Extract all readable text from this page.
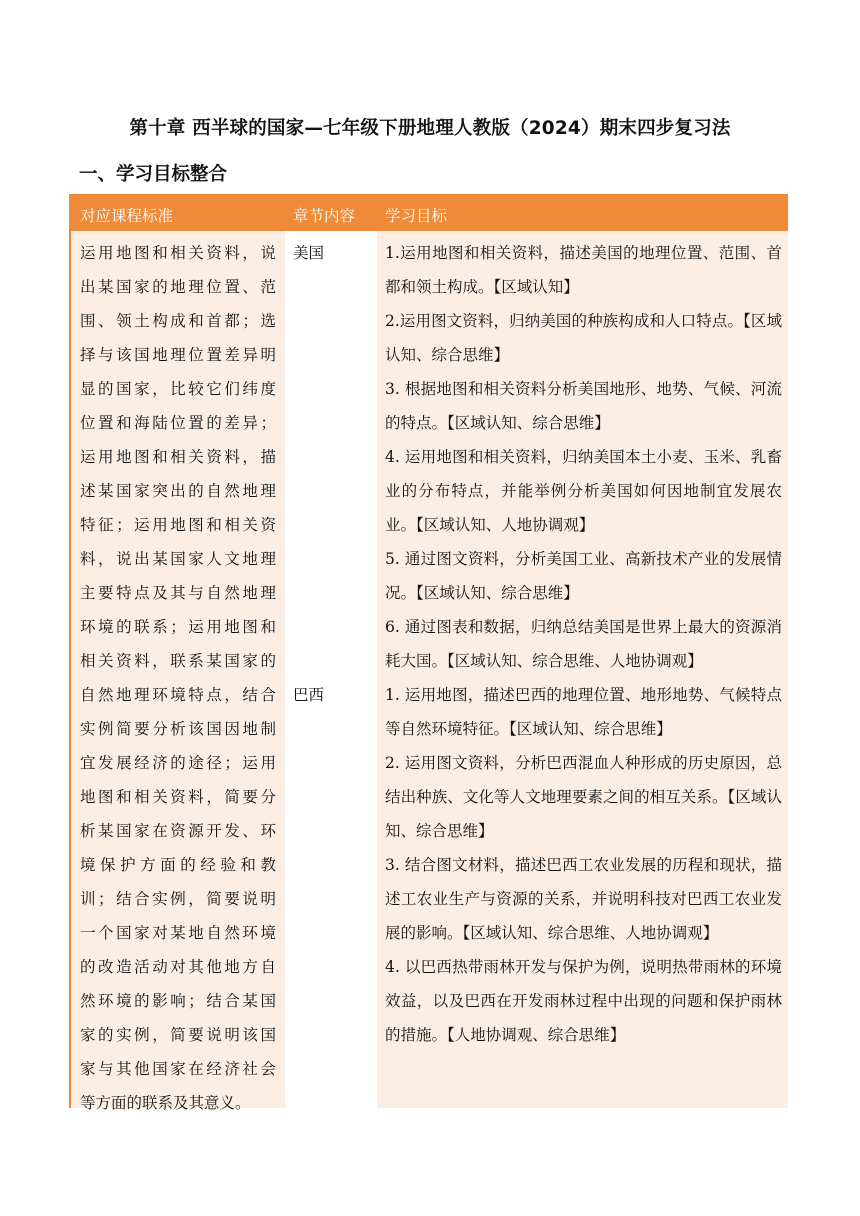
第十章 西半球的国家—七年级下册地理人教版（2024）期末四步复习法
一、学习目标整合
对应课程标准	章节内容 学习目标
运用地图和相关资料，说
出某国家的地理位置、范
围、领土构成和首都；选
择与该国地理位置差异明
显的国家，比较它们纬度
位置和海陆位置的差异；
运用地图和相关资料，描
述某国家突出的自然地理
特征；运用地图和相关资
料，说出某国家人文地理
主要特点及其与自然地理
环境的联系；运用地图和
相关资料，联系某国家的
自然地理环境特点，结合
实例简要分析该国因地制
宜发展经济的途径；运用
地图和相关资料，简要分
析某国家在资源开发、环
境保护方面的经验和教
训；结合实例，简要说明
一个国家对某地自然环境
的改造活动对其他地方自
然环境的影响；结合某国
家的实例，简要说明该国
家与其他国家在经济社会
等方面的联系及其意义。
美国
巴西
1.运用地图和相关资料，描述美国的地理位置、范围、首都和领土构成。【区域认知】
2.运用图文资料，归纳美国的种族构成和人口特点。【区域认知、综合思维】
3. 根据地图和相关资料分析美国地形、地势、气候、河流的特点。【区域认知、综合思维】
4. 运用地图和相关资料，归纳美国本土小麦、玉米、乳畜业的分布特点，并能举例分析美国如何因地制宜发展农业。【区域认知、人地协调观】
5. 通过图文资料，分析美国工业、高新技术产业的发展情况。【区域认知、综合思维】
6. 通过图表和数据，归纳总结美国是世界上最大的资源消耗大国。【区域认知、综合思维、人地协调观】
1. 运用地图，描述巴西的地理位置、地形地势、气候特点等自然环境特征。【区域认知、综合思维】
2. 运用图文资料，分析巴西混血人种形成的历史原因，总结出种族、文化等人文地理要素之间的相互关系。【区域认知、综合思维】
3. 结合图文材料，描述巴西工农业发展的历程和现状，描述工农业生产与资源的关系，并说明科技对巴西工农业发展的影响。【区域认知、综合思维、人地协调观】
4. 以巴西热带雨林开发与保护为例，说明热带雨林的环境效益，以及巴西在开发雨林过程中出现的问题和保护雨林的措施。【人地协调观、综合思维】
